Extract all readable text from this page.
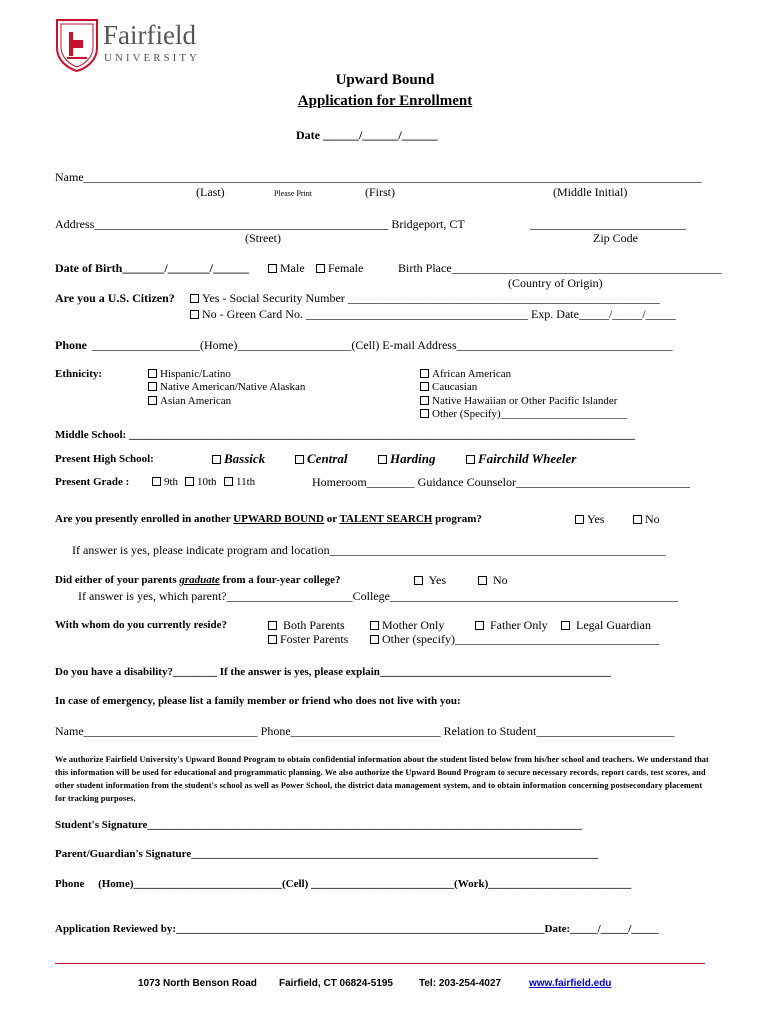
Fairfield
UNIVERSITY
Upward Bound
Application for Enrollment
Date ______/______/______
Name_______________________________________________________________________________________________________
(Last)	Please Print	(First)	(Middle Initial)
Address_________________________________________________ Bridgeport, CT	__________________________
(Street)	Zip Code
Date of Birth_______/_______/______	Male	Female	Birth Place_____________________________________________
(Country of Origin)
Are you a U.S. Citizen?	Yes - Social Security Number ____________________________________________________
No - Green Card No. _____________________________________ Exp. Date_____/_____/_____
Phone __________________(Home)___________________(Cell) E-mail Address____________________________________
Ethnicity:	Hispanic/Latino
Native American/Native Alaskan
Asian American
African American
Caucasian
Native Hawaiian or Other Pacific Islander
Other (Specify)_______________________
Middle School: ____________________________________________________________________________________________
Present High School:	Bassick	Central	Harding	Fairchild Wheeler
Present Grade :	9th	10th	11th	Homeroom________ Guidance Counselor_____________________________
Are you presently enrolled in another UPWARD BOUND or TALENT SEARCH program?	Yes	No
If answer is yes, please indicate program and location________________________________________________________
Did either of your parents graduate from a four-year college?	Yes	No
If answer is yes, which parent?_____________________College________________________________________________
With whom do you currently reside?	Both Parents	Mother Only	Father Only	Legal Guardian
Foster Parents	Other (specify)__________________________________
Do you have a disability?________ If the answer is yes, please explain__________________________________________
In case of emergency, please list a family member or friend who does not live with you:
Name_____________________________ Phone_________________________ Relation to Student_______________________
We authorize Fairfield University's Upward Bound Program to obtain confidential information about the student listed below from his/her school and teachers. We understand that this information will be used for educational and programmatic planning. We also authorize the Upward Bound Program to secure necessary records, report cards, test scores, and other student information from the student's school as well as Power School, the district data management system, and to obtain information concerning postsecondary placement for tracking purposes.
Student's Signature_______________________________________________________________________________
Parent/Guardian's Signature__________________________________________________________________________
Phone     (Home)___________________________(Cell) __________________________(Work)__________________________
Application Reviewed by:___________________________________________________________________Date:_____/_____/_____
1073 North Benson Road Fairfield, CT 06824-5195	Tel: 203-254-4027	www.fairfield.edu
